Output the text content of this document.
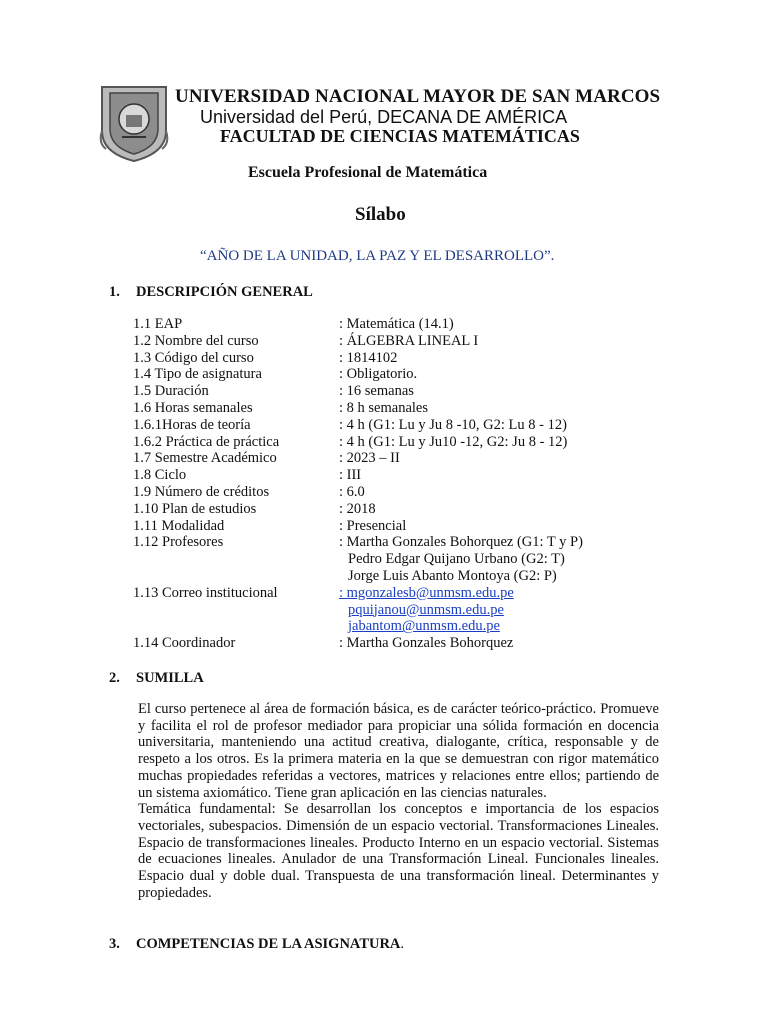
UNIVERSIDAD NACIONAL MAYOR DE SAN MARCOS
Universidad del Perú, DECANA DE AMÉRICA
FACULTAD DE CIENCIAS MATEMÁTICAS
Escuela Profesional de Matemática
Sílabo
“AÑO DE LA UNIDAD, LA PAZ Y EL DESARROLLO”.
1. DESCRIPCIÓN GENERAL
1.1 EAP	: Matemática (14.1)
1.2 Nombre del curso	: ÁLGEBRA LINEAL I
1.3 Código del curso	: 1814102
1.4 Tipo de asignatura	: Obligatorio.
1.5 Duración	: 16 semanas
1.6 Horas semanales	: 8 h semanales
1.6.1Horas de teoría	: 4 h (G1: Lu y Ju 8 -10, G2: Lu 8 - 12)
1.6.2 Práctica de práctica	: 4 h (G1: Lu y Ju10 -12, G2: Ju 8 - 12)
1.7 Semestre Académico	: 2023 – II
1.8 Ciclo	: III
1.9 Número de créditos	: 6.0
1.10 Plan de estudios	: 2018
1.11 Modalidad	: Presencial
1.12 Profesores	: Martha Gonzales Bohorquez (G1: T y P)
Pedro Edgar Quijano Urbano (G2: T)
Jorge Luis Abanto Montoya (G2: P)
1.13 Correo institucional	: mgonzalesb@unmsm.edu.pe
pquijanou@unmsm.edu.pe
jabantom@unmsm.edu.pe
1.14 Coordinador	: Martha Gonzales Bohorquez
2. SUMILLA

El curso pertenece al área de formación básica, es de carácter teórico-práctico. Promueve y facilita el rol de profesor mediador para propiciar una sólida formación en docencia universitaria, manteniendo una actitud creativa, dialogante, crítica, responsable y de respeto a los otros. Es la primera materia en la que se demuestran con rigor matemático muchas propiedades referidas a vectores, matrices y relaciones entre ellos; partiendo de un sistema axiomático. Tiene gran aplicación en las ciencias naturales.

Temática fundamental: Se desarrollan los conceptos e importancia de los espacios vectoriales, subespacios. Dimensión de un espacio vectorial. Transformaciones Lineales. Espacio de transformaciones lineales. Producto Interno en un espacio vectorial. Sistemas de ecuaciones lineales. Anulador de una Transformación Lineal. Funcionales lineales. Espacio dual y doble dual. Transpuesta de una transformación lineal. Determinantes y propiedades.

3. COMPETENCIAS DE LA ASIGNATURA.
